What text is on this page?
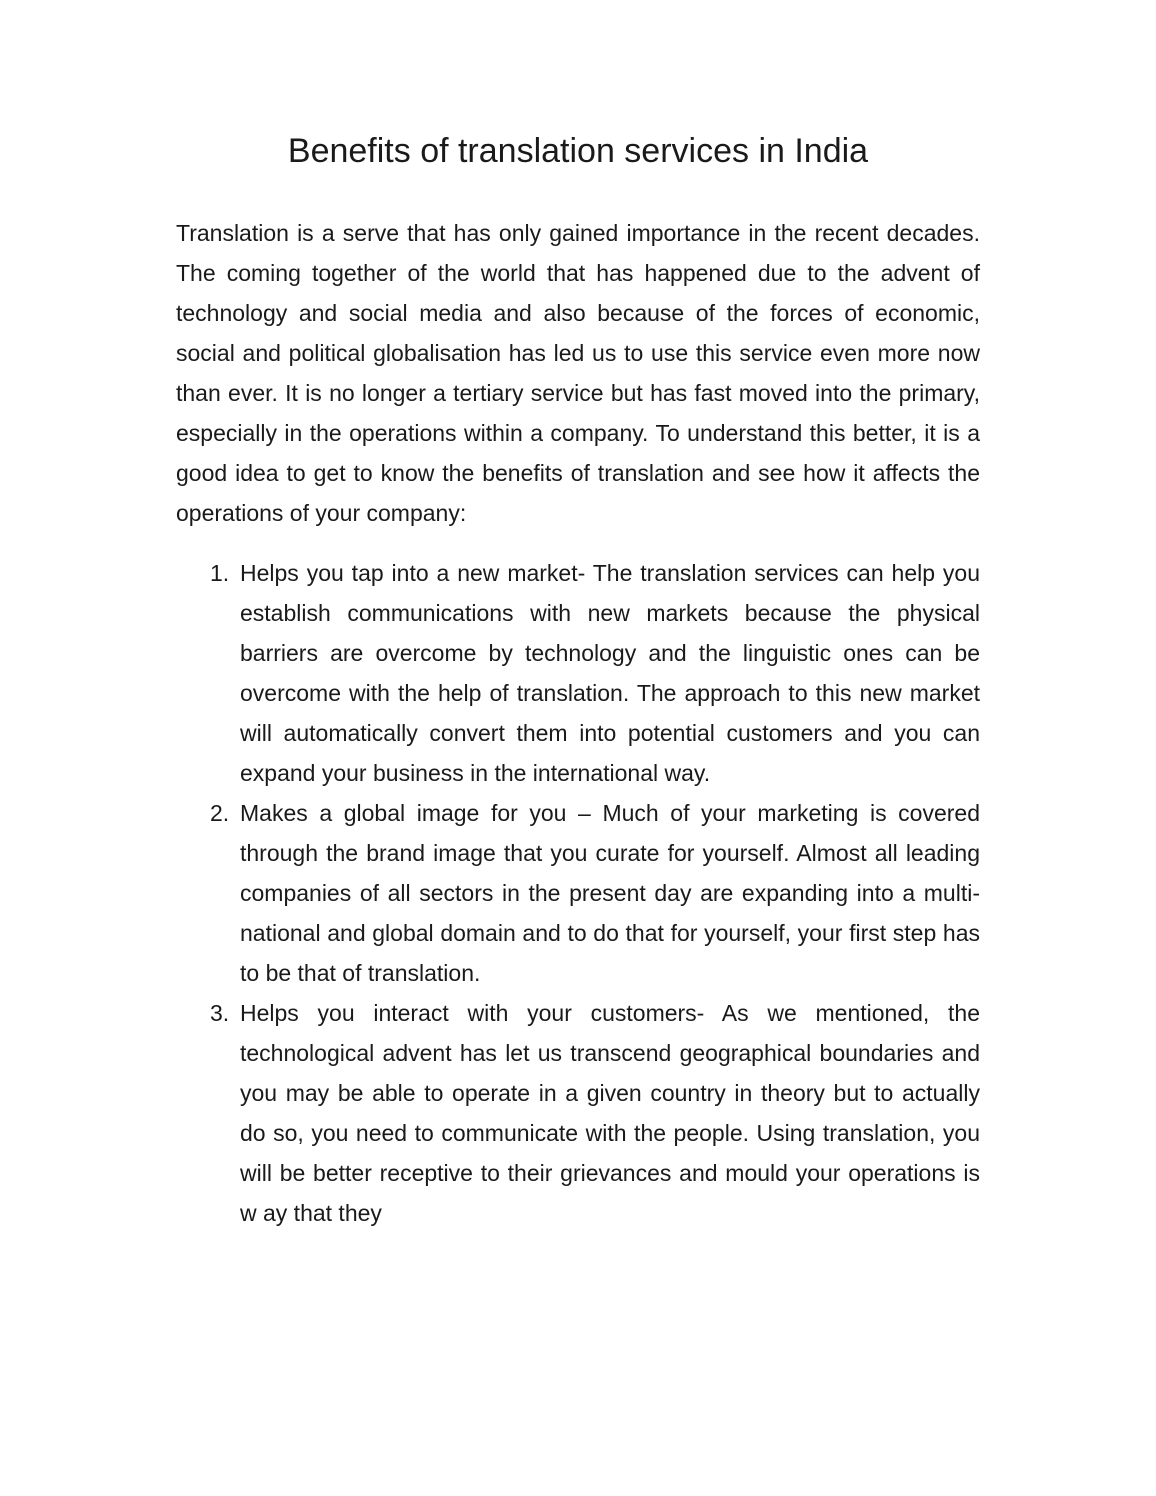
Benefits of translation services in India

Translation is a serve that has only gained importance in the recent decades. The coming together of the world that has happened due to the advent of technology and social media and also because of the forces of economic, social and political globalisation has led us to use this service even more now than ever. It is no longer a tertiary service but has fast moved into the primary, especially in the operations within a company. To understand this better, it is a good idea to get to know the benefits of translation and see how it affects the operations of your company:

1. Helps you tap into a new market- The translation services can help you establish communications with new markets because the physical barriers are overcome by technology and the linguistic ones can be overcome with the help of translation. The approach to this new market will automatically convert them into potential customers and you can expand your business in the international way.
2. Makes a global image for you – Much of your marketing is covered through the brand image that you curate for yourself. Almost all leading companies of all sectors in the present day are expanding into a multi-national and global domain and to do that for yourself, your first step has to be that of translation.
3. Helps you interact with your customers- As we mentioned, the technological advent has let us transcend geographical boundaries and you may be able to operate in a given country in theory but to actually do so, you need to communicate with the people. Using translation, you will be better receptive to their grievances and mould your operations is w ay that they
